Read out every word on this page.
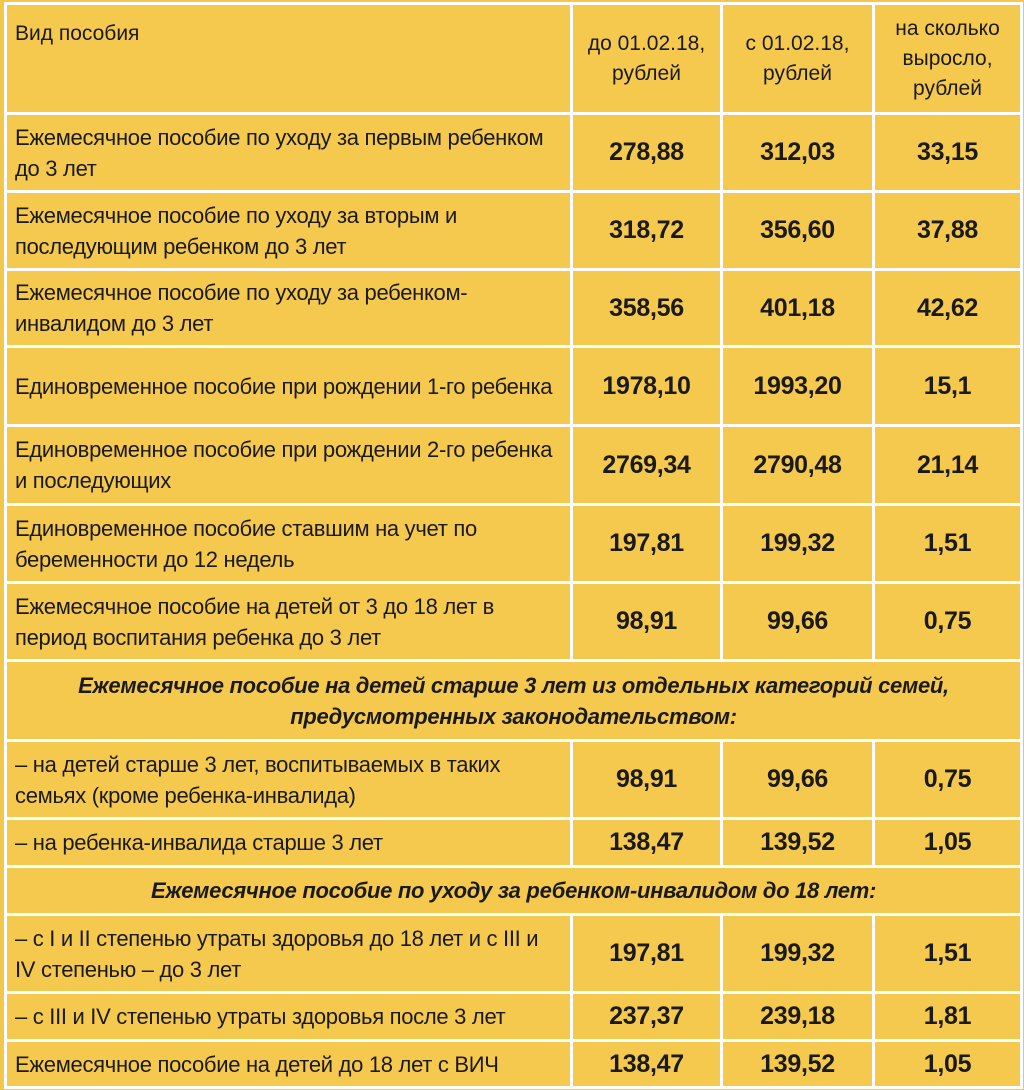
Вид пособия	до 01.02.18, рублей	с 01.02.18, рублей	на сколько выросло, рублей
Ежемесячное пособие по уходу за первым ребенком до 3 лет	278,88	312,03	33,15
Ежемесячное пособие по уходу за вторым и последующим ребенком до 3 лет	318,72	356,60	37,88
Ежемесячное пособие по уходу за ребенком-инвалидом до 3 лет	358,56	401,18	42,62
Единовременное пособие при рождении 1-го ребенка	1978,10	1993,20	15,1
Единовременное пособие при рождении 2-го ребенка и последующих	2769,34	2790,48	21,14
Единовременное пособие ставшим на учет по беременности до 12 недель	197,81	199,32	1,51
Ежемесячное пособие на детей от 3 до 18 лет в период воспитания ребенка до 3 лет	98,91	99,66	0,75
Ежемесячное пособие на детей старше 3 лет из отдельных категорий семей, предусмотренных законодательством:			
– на детей старше 3 лет, воспитываемых в таких семьях (кроме ребенка-инвалида)	98,91	99,66	0,75
– на ребенка-инвалида старше 3 лет	138,47	139,52	1,05
Ежемесячное пособие по уходу за ребенком-инвалидом до 18 лет:			
– с I и II степенью утраты здоровья до 18 лет и с III и IV степенью – до 3 лет	197,81	199,32	1,51
– с III и IV степенью утраты здоровья после 3 лет	237,37	239,18	1,81
Ежемесячное пособие на детей до 18 лет с ВИЧ	138,47	139,52	1,05
